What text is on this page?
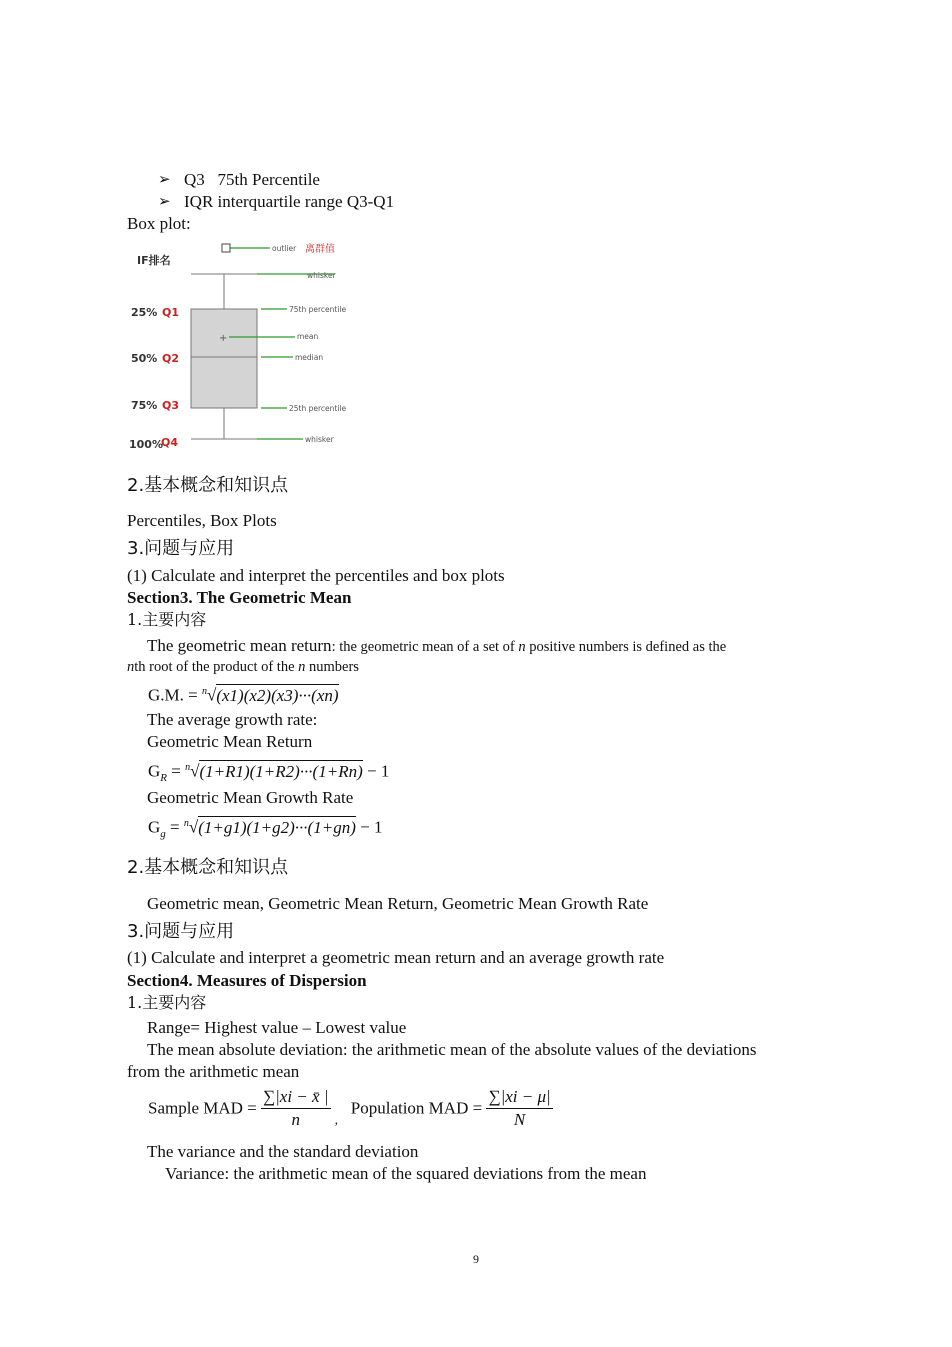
➢ Q3 75th Percentile
➢ IQR interquartile range Q3-Q1
Box plot:
IF排名
25% Q1
50% Q2
75% Q3
100%
Q4
+
outlier 离群值
whisker
75th percentile
mean
median
25th percentile
whisker
2.基本概念和知识点
Percentiles, Box Plots
3.问题与应用
(1) Calculate and interpret the percentiles and box plots
Section3. The Geometric Mean
1.主要内容
The geometric mean return: the geometric mean of a set of n positive numbers is defined as the
nth root of the product of the n numbers
G.M. = $^n$√(x1)(x2)(x3)···(xn)
The average growth rate:
Geometric Mean Return
$G_R = ^n√(1+R1)(1+R2)\cdot\cdot\cdot(1+Rn) - 1$
Geometric Mean Growth Rate
$G_g = ^n√(1+g1)(1+g2)\cdot\cdot\cdot(1+gn) - 1$
2.基本概念和知识点
Geometric mean, Geometric Mean Return, Geometric Mean Growth Rate
3.问题与应用
(1) Calculate and interpret a geometric mean return and an average growth rate
Section4. Measures of Dispersion
1.主要内容
Range= Highest value – Lowest value
The mean absolute deviation: the arithmetic mean of the absolute values of the deviations
from the arithmetic mean
Sample MAD = $\frac{\sum|xi - x̄ |}{n}$ ,   Population MAD = $\frac{\sum|xi - \mu|}{N}$
The variance and the standard deviation
Variance: the arithmetic mean of the squared deviations from the mean
9
